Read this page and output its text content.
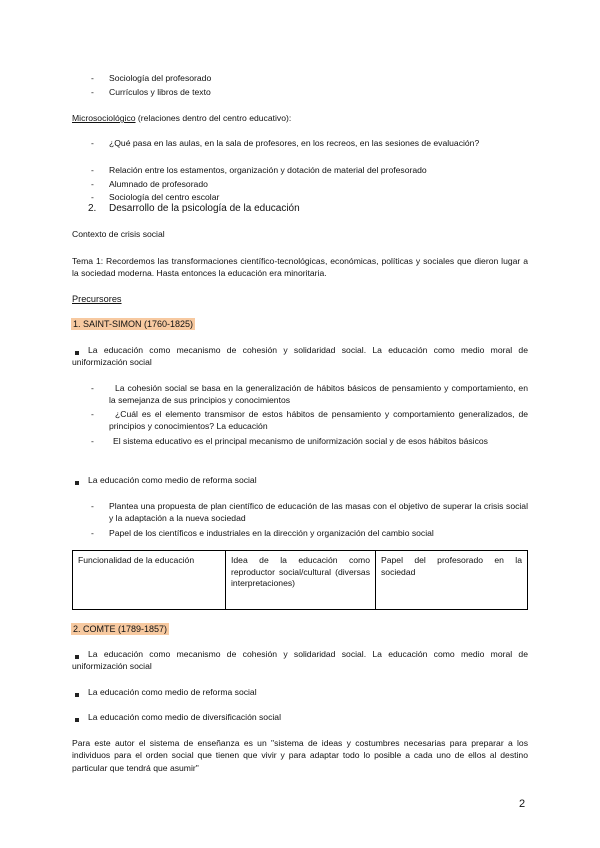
- Sociología del profesorado
- Currículos y libros de texto
Microsociológico (relaciones dentro del centro educativo):
- ¿Qué pasa en las aulas, en la sala de profesores, en los recreos, en las sesiones de evaluación?
- Relación entre los estamentos, organización y dotación de material del profesorado
- Alumnado de profesorado
- Sociología del centro escolar
2. Desarrollo de la psicología de la educación
Contexto de crisis social
Tema 1: Recordemos las transformaciones científico-tecnológicas, económicas, políticas y sociales que dieron lugar a la sociedad moderna. Hasta entonces la educación era minoritaria.
Precursores
1. SAINT-SIMON (1760-1825)
La educación como mecanismo de cohesión y solidaridad social. La educación como medio moral de uniformización social
-	La cohesión social se basa en la generalización de hábitos básicos de pensamiento y comportamiento, en la semejanza de sus principios y conocimientos
-	¿Cuál es el elemento transmisor de estos hábitos de pensamiento y comportamiento generalizados, de principios y conocimientos? La educación
-	El sistema educativo es el principal mecanismo de uniformización social y de esos hábitos básicos
La educación como medio de reforma social
- Plantea una propuesta de plan científico de educación de las masas con el objetivo de superar la crisis social y la adaptación a la nueva sociedad
- Papel de los científicos e industriales en la dirección y organización del cambio social
Funcionalidad de la educación	Idea de la educación como reproductor social/cultural (diversas interpretaciones)	Papel del profesorado en la sociedad
2. COMTE (1789-1857)
La educación como mecanismo de cohesión y solidaridad social. La educación como medio moral de uniformización social
La educación como medio de reforma social
La educación como medio de diversificación social
Para este autor el sistema de enseñanza es un "sistema de ideas y costumbres necesarias para preparar a los individuos para el orden social que tienen que vivir y para adaptar todo lo posible a cada uno de ellos al destino particular que tendrá que asumir"
2
